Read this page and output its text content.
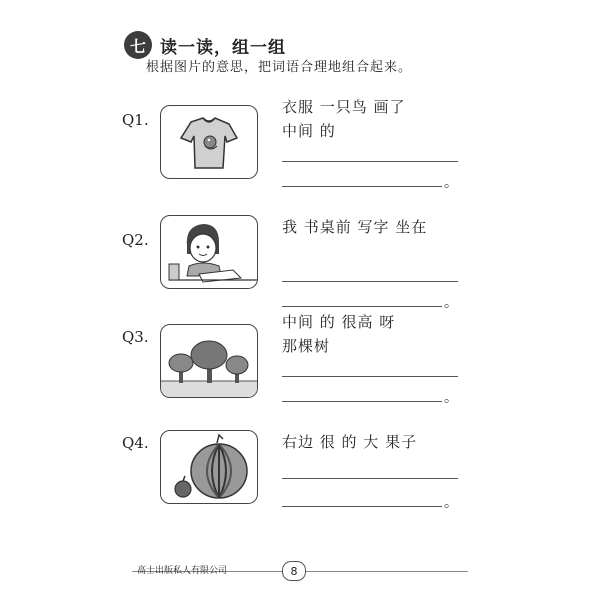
七 读一读，组一组
根据图片的意思，把词语合理地组合起来。
Q1.
衣服 一只鸟 画了
中间 的
。
Q2.
我 书桌前 写字 坐在
。
Q3.
中间 的 很高 呀
那棵树
。
Q4.	右边 很 的 大 果子
。
高士出版私人有限公司	8
